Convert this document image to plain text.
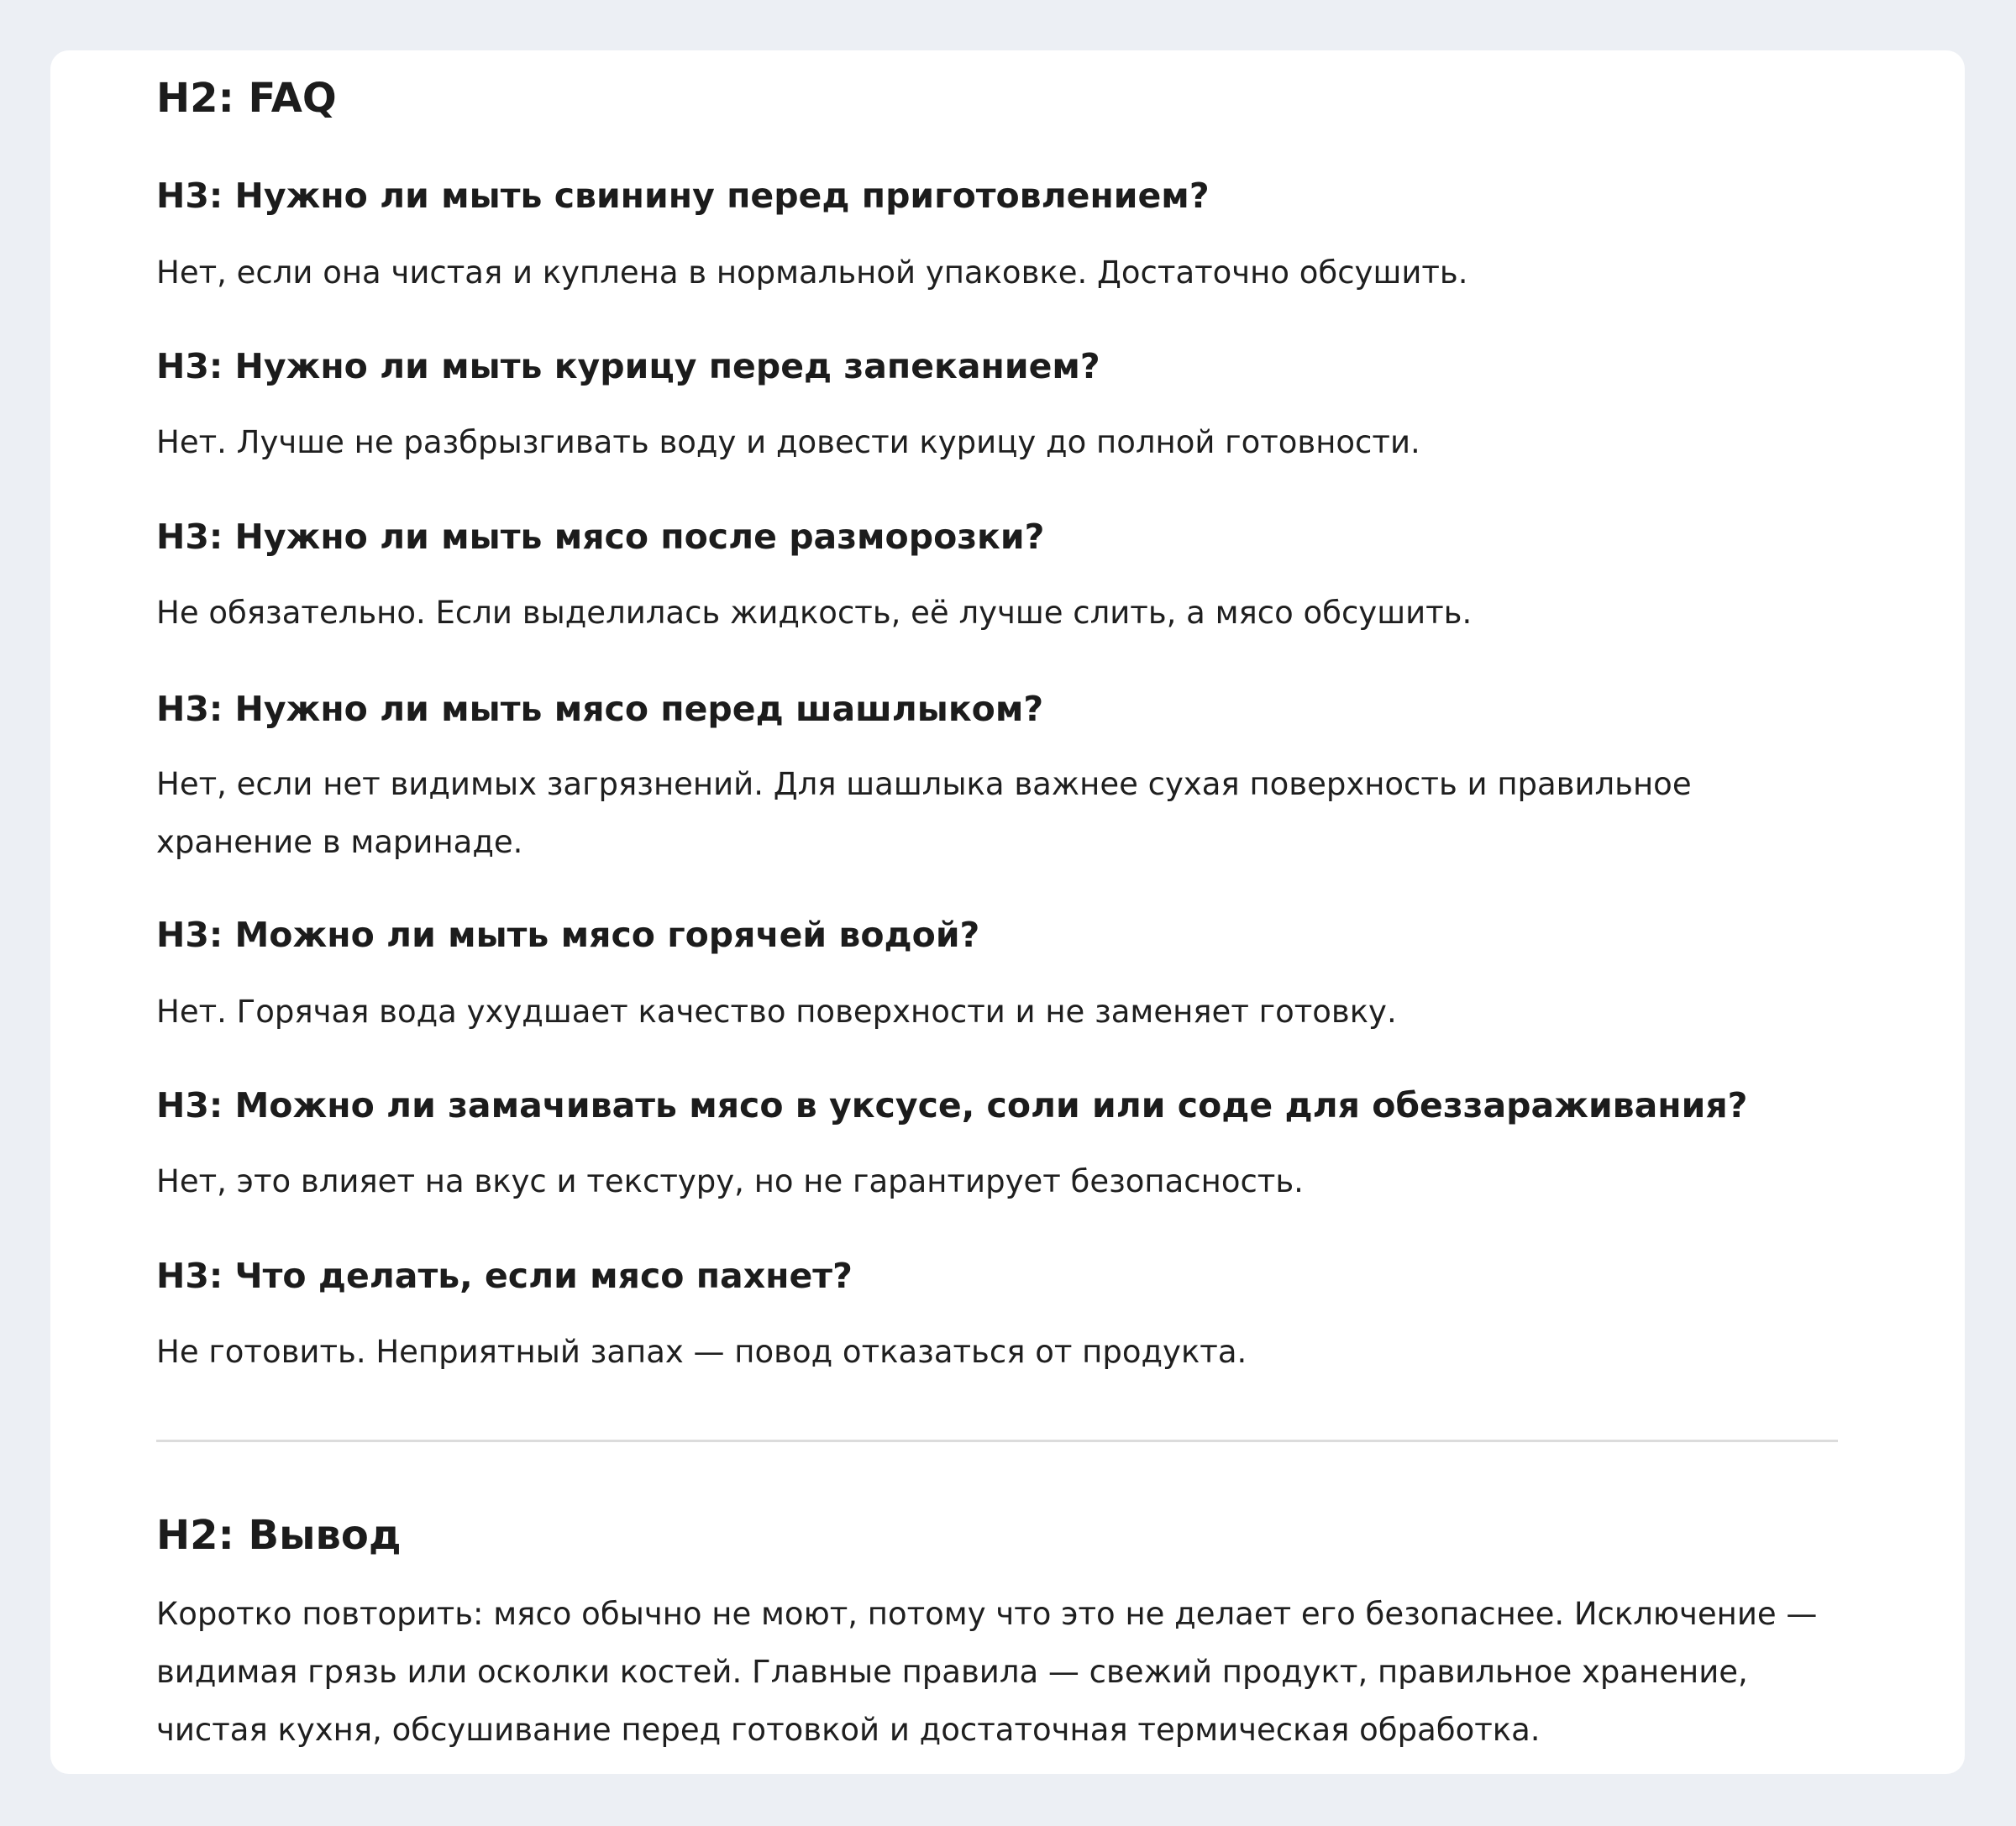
H2: FAQ
H3: Нужно ли мыть свинину перед приготовлением?

Нет, если она чистая и куплена в нормальной упаковке. Достаточно обсушить.

H3: Нужно ли мыть курицу перед запеканием?

Нет. Лучше не разбрызгивать воду и довести курицу до полной готовности.

H3: Нужно ли мыть мясо после разморозки?

Не обязательно. Если выделилась жидкость, её лучше слить, а мясо обсушить.

H3: Нужно ли мыть мясо перед шашлыком?

Нет, если нет видимых загрязнений. Для шашлыка важнее сухая поверхность и правильное хранение в маринаде.

H3: Можно ли мыть мясо горячей водой?

Нет. Горячая вода ухудшает качество поверхности и не заменяет готовку.

H3: Можно ли замачивать мясо в уксусе, соли или соде для обеззараживания?

Нет, это влияет на вкус и текстуру, но не гарантирует безопасность.

H3: Что делать, если мясо пахнет?

Не готовить. Неприятный запах — повод отказаться от продукта.

H2: Вывод

Коротко повторить: мясо обычно не моют, потому что это не делает его безопаснее. Исключение — видимая грязь или осколки костей. Главные правила — свежий продукт, правильное хранение, чистая кухня, обсушивание перед готовкой и достаточная термическая обработка.
